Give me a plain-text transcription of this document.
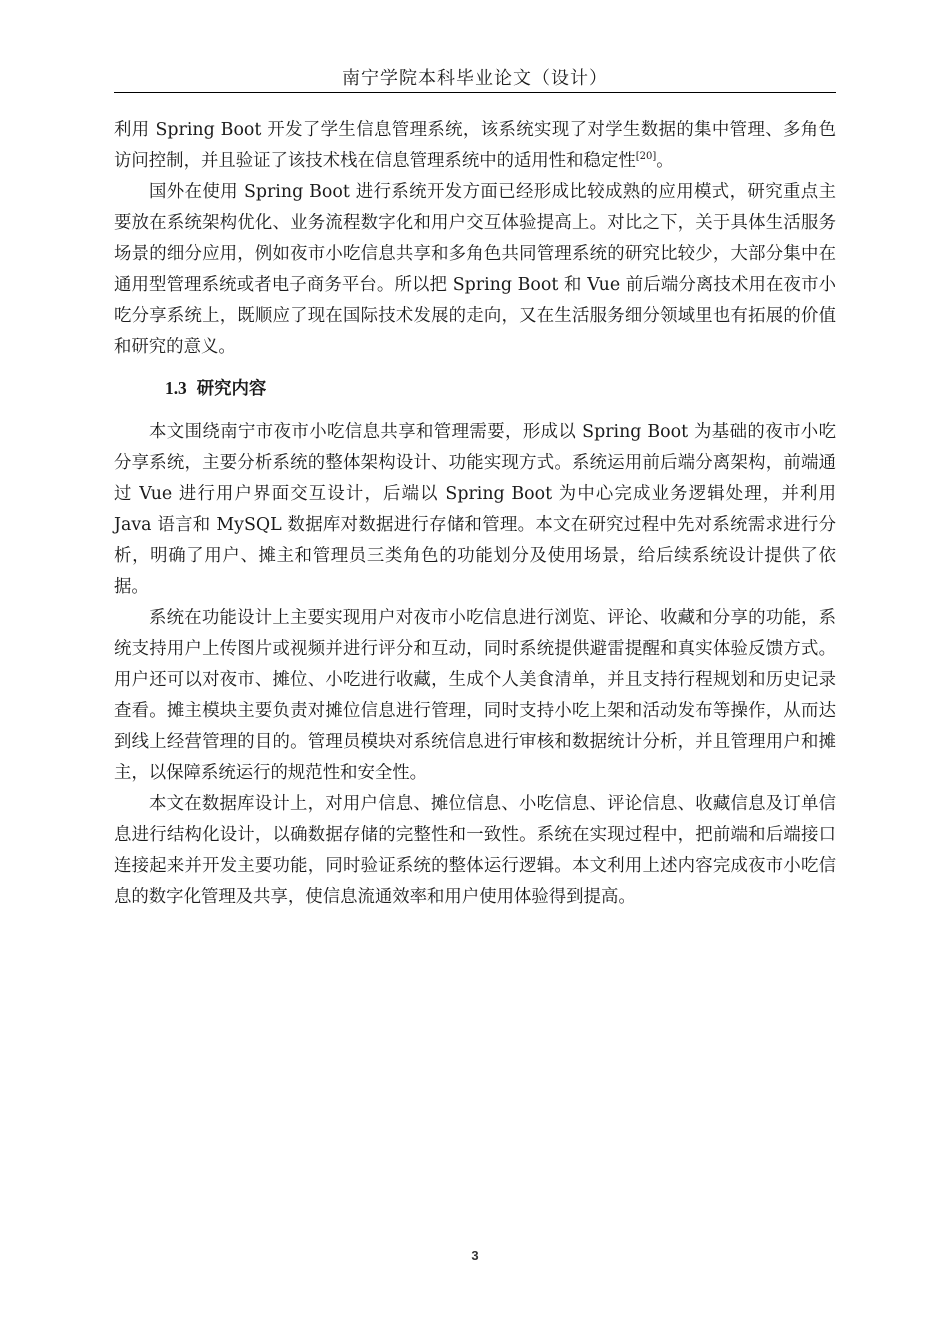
南宁学院本科毕业论文（设计）

利用 Spring Boot 开发了学生信息管理系统，该系统实现了对学生数据的集中管理、多角色访问控制，并且验证了该技术栈在信息管理系统中的适用性和稳定性[20]。

国外在使用 Spring Boot 进行系统开发方面已经形成比较成熟的应用模式，研究重点主要放在系统架构优化、业务流程数字化和用户交互体验提高上。对比之下，关于具体生活服务场景的细分应用，例如夜市小吃信息共享和多角色共同管理系统的研究比较少，大部分集中在通用型管理系统或者电子商务平台。所以把 Spring Boot 和 Vue 前后端分离技术用在夜市小吃分享系统上，既顺应了现在国际技术发展的走向，又在生活服务细分领域里也有拓展的价值和研究的意义。

1.3 研究内容

本文围绕南宁市夜市小吃信息共享和管理需要，形成以 Spring Boot 为基础的夜市小吃分享系统，主要分析系统的整体架构设计、功能实现方式。系统运用前后端分离架构，前端通过 Vue 进行用户界面交互设计，后端以 Spring Boot 为中心完成业务逻辑处理，并利用 Java 语言和 MySQL 数据库对数据进行存储和管理。本文在研究过程中先对系统需求进行分析，明确了用户、摊主和管理员三类角色的功能划分及使用场景，给后续系统设计提供了依据。

系统在功能设计上主要实现用户对夜市小吃信息进行浏览、评论、收藏和分享的功能，系统支持用户上传图片或视频并进行评分和互动，同时系统提供避雷提醒和真实体验反馈方式。用户还可以对夜市、摊位、小吃进行收藏，生成个人美食清单，并且支持行程规划和历史记录查看。摊主模块主要负责对摊位信息进行管理，同时支持小吃上架和活动发布等操作，从而达到线上经营管理的目的。管理员模块对系统信息进行审核和数据统计分析，并且管理用户和摊主，以保障系统运行的规范性和安全性。

本文在数据库设计上，对用户信息、摊位信息、小吃信息、评论信息、收藏信息及订单信息进行结构化设计，以确数据存储的完整性和一致性。系统在实现过程中，把前端和后端接口连接起来并开发主要功能，同时验证系统的整体运行逻辑。本文利用上述内容完成夜市小吃信息的数字化管理及共享，使信息流通效率和用户使用体验得到提高。

3
